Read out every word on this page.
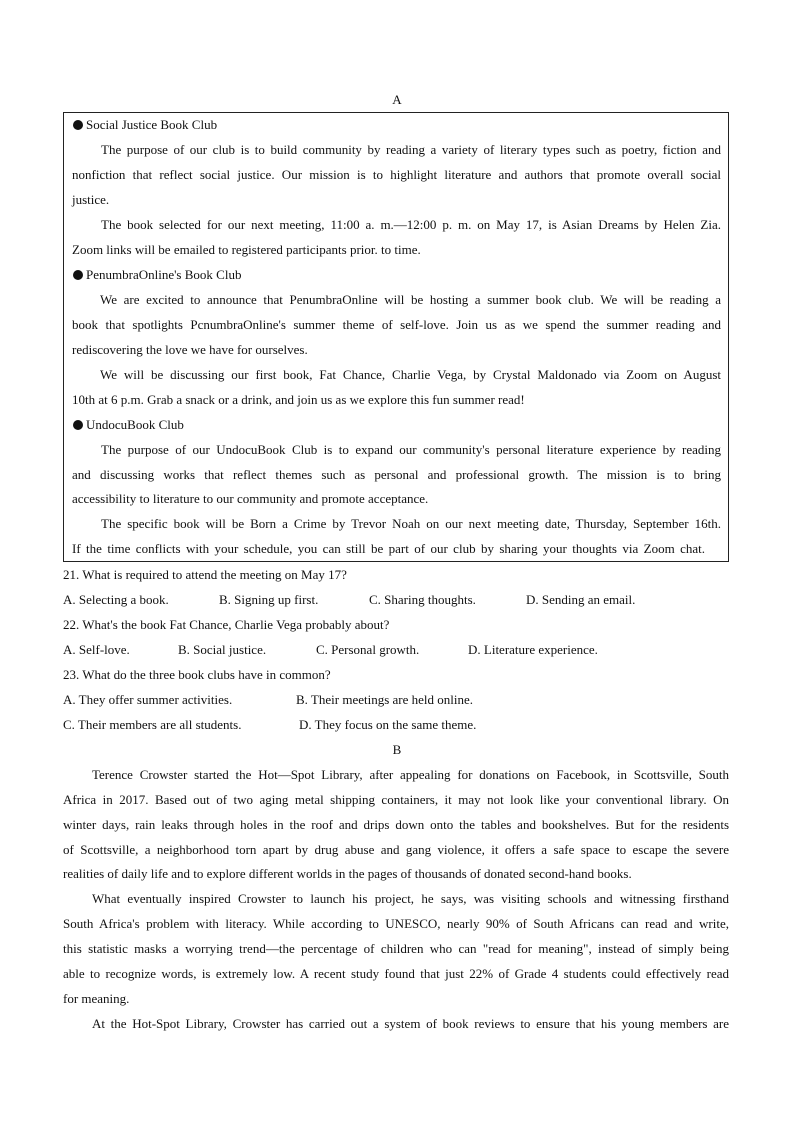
A
Social Justice Book Club
The purpose of our club is to build community by reading a variety of literary types such as poetry, fiction and
nonfiction that reflect social justice. Our mission is to highlight literature and authors that promote overall social
justice.
The book selected for our next meeting, 11:00 a. m.—12:00 p. m. on May 17, is Asian Dreams by Helen Zia.
Zoom links will be emailed to registered participants prior. to time.
PenumbraOnline's Book Club
We are excited to announce that PenumbraOnline will be hosting a summer book club. We will be reading a
book that spotlights PcnumbraOnline's summer theme of self-love. Join us as we spend the summer reading and
rediscovering the love we have for ourselves.
We will be discussing our first book, Fat Chance, Charlie Vega, by Crystal Maldonado via Zoom on August
10th at 6 p.m. Grab a snack or a drink, and join us as we explore this fun summer read!
UndocuBook Club
The purpose of our UndocuBook Club is to expand our community's personal literature experience by reading
and discussing works that reflect themes such as personal and professional growth. The mission is to bring
accessibility to literature to our community and promote acceptance.
The specific book will be Born a Crime by Trevor Noah on our next meeting date, Thursday, September 16th.
If the time conflicts with your schedule, you can still be part of our club by sharing your thoughts via Zoom chat.
21. What is required to attend the meeting on May 17?
A. Selecting a book.	B. Signing up first.	C. Sharing thoughts.	D. Sending an email.
22. What's the book Fat Chance, Charlie Vega probably about?
A. Self-love.	B. Social justice.	C. Personal growth.	D. Literature experience.
23. What do the three book clubs have in common?
A. They offer summer activities.	B. Their meetings are held online.
C. Their members are all students.	D. They focus on the same theme.
B
Terence Crowster started the Hot—Spot Library, after appealing for donations on Facebook, in Scottsville, South
Africa in 2017. Based out of two aging metal shipping containers, it may not look like your conventional library. On
winter days, rain leaks through holes in the roof and drips down onto the tables and bookshelves. But for the residents
of Scottsville, a neighborhood torn apart by drug abuse and gang violence, it offers a safe space to escape the severe
realities of daily life and to explore different worlds in the pages of thousands of donated second-hand books.
What eventually inspired Crowster to launch his project, he says, was visiting schools and witnessing firsthand
South Africa's problem with literacy. While according to UNESCO, nearly 90% of South Africans can read and write,
this statistic masks a worrying trend—the percentage of children who can "read for meaning", instead of simply being
able to recognize words, is extremely low. A recent study found that just 22% of Grade 4 students could effectively read
for meaning.
At the Hot-Spot Library, Crowster has carried out a system of book reviews to ensure that his young members are
